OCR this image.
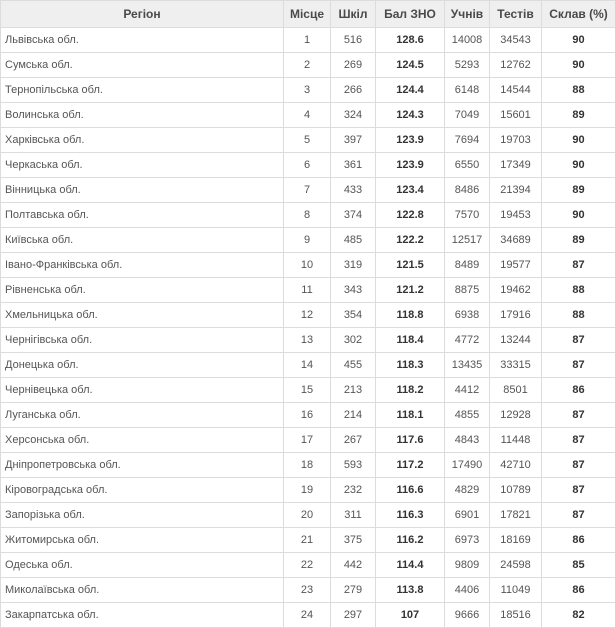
Регіон	Місце	Шкіл	Бал ЗНО	Учнів	Тестів	Склав (%)
Львівська обл.	1	516	128.6	14008	34543	90
Сумська обл.	2	269	124.5	5293	12762	90
Тернопільська обл.	3	266	124.4	6148	14544	88
Волинська обл.	4	324	124.3	7049	15601	89
Харківська обл.	5	397	123.9	7694	19703	90
Черкаська обл.	6	361	123.9	6550	17349	90
Вінницька обл.	7	433	123.4	8486	21394	89
Полтавська обл.	8	374	122.8	7570	19453	90
Київська обл.	9	485	122.2	12517	34689	89
Івано-Франківська обл.	10	319	121.5	8489	19577	87
Рівненська обл.	11	343	121.2	8875	19462	88
Хмельницька обл.	12	354	118.8	6938	17916	88
Чернігівська обл.	13	302	118.4	4772	13244	87
Донецька обл.	14	455	118.3	13435	33315	87
Чернівецька обл.	15	213	118.2	4412	8501	86
Луганська обл.	16	214	118.1	4855	12928	87
Херсонська обл.	17	267	117.6	4843	11448	87
Дніпропетровська обл.	18	593	117.2	17490	42710	87
Кіровоградська обл.	19	232	116.6	4829	10789	87
Запорізька обл.	20	311	116.3	6901	17821	87
Житомирська обл.	21	375	116.2	6973	18169	86
Одеська обл.	22	442	114.4	9809	24598	85
Миколаївська обл.	23	279	113.8	4406	11049	86
Закарпатська обл.	24	297	107	9666	18516	82
